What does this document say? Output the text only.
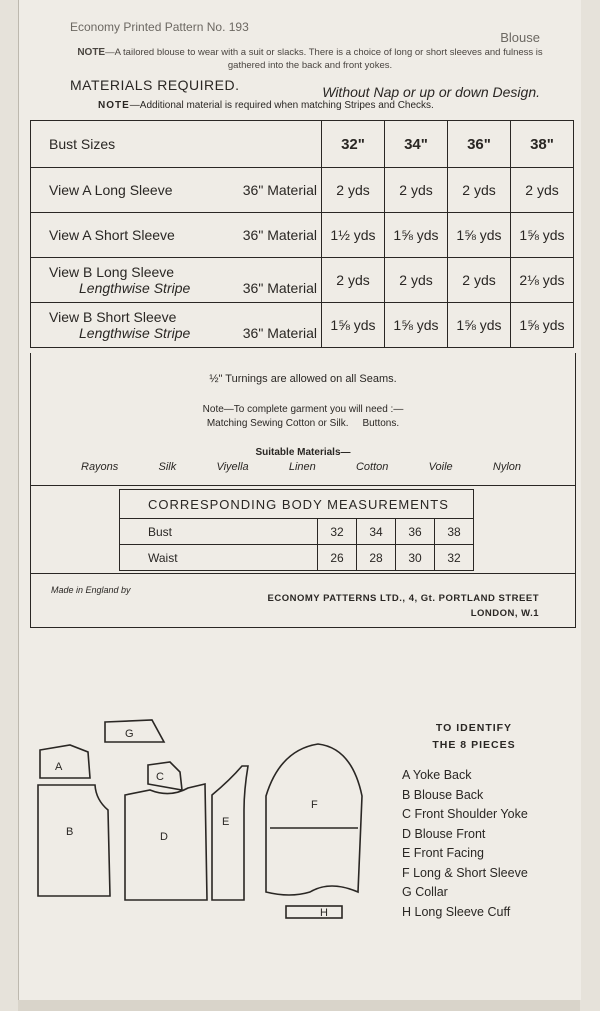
Economy Printed Pattern No. 193
Blouse
NOTE—A tailored blouse to wear with a suit or slacks. There is a choice of long or short sleeves and fulness is gathered into the back and front yokes.
MATERIALS REQUIRED.	Without Nap or up or down Design.
NOTE—Additional material is required when matching Stripes and Checks.
Bust Sizes	32"	34"	36"	38"

View A Long Sleeve 36" Material	2 yds	2 yds	2 yds	2 yds

View A Short Sleeve 36" Material	1½ yds	1⅝ yds	1⅝ yds	1⅝ yds

View B Long Sleeve
Lengthwise Stripe 36" Material	2 yds	2 yds	2 yds	2⅛ yds

View B Short Sleeve
Lengthwise Stripe 36" Material	1⅝ yds	1⅝ yds	1⅝ yds	1⅝ yds
½" Turnings are allowed on all Seams.
Note—To complete garment you will need :—
Matching Sewing Cotton or Silk.     Buttons.
Suitable Materials—
Rayons	Silk	Viyella	Linen	Cotton	Voile	Nylon
CORRESPONDING BODY MEASUREMENTS				
Bust	32	34	36	38
Waist	26	28	30	32
Made in England by
ECONOMY PATTERNS LTD., 4, Gt. PORTLAND STREET
LONDON, W.1
G
A
C
B	D
E
F
H
TO IDENTIFY
THE 8 PIECES
A Yoke Back
B Blouse Back
C Front Shoulder Yoke
D Blouse Front
E Front Facing
F Long & Short Sleeve
G Collar
H Long Sleeve Cuff
